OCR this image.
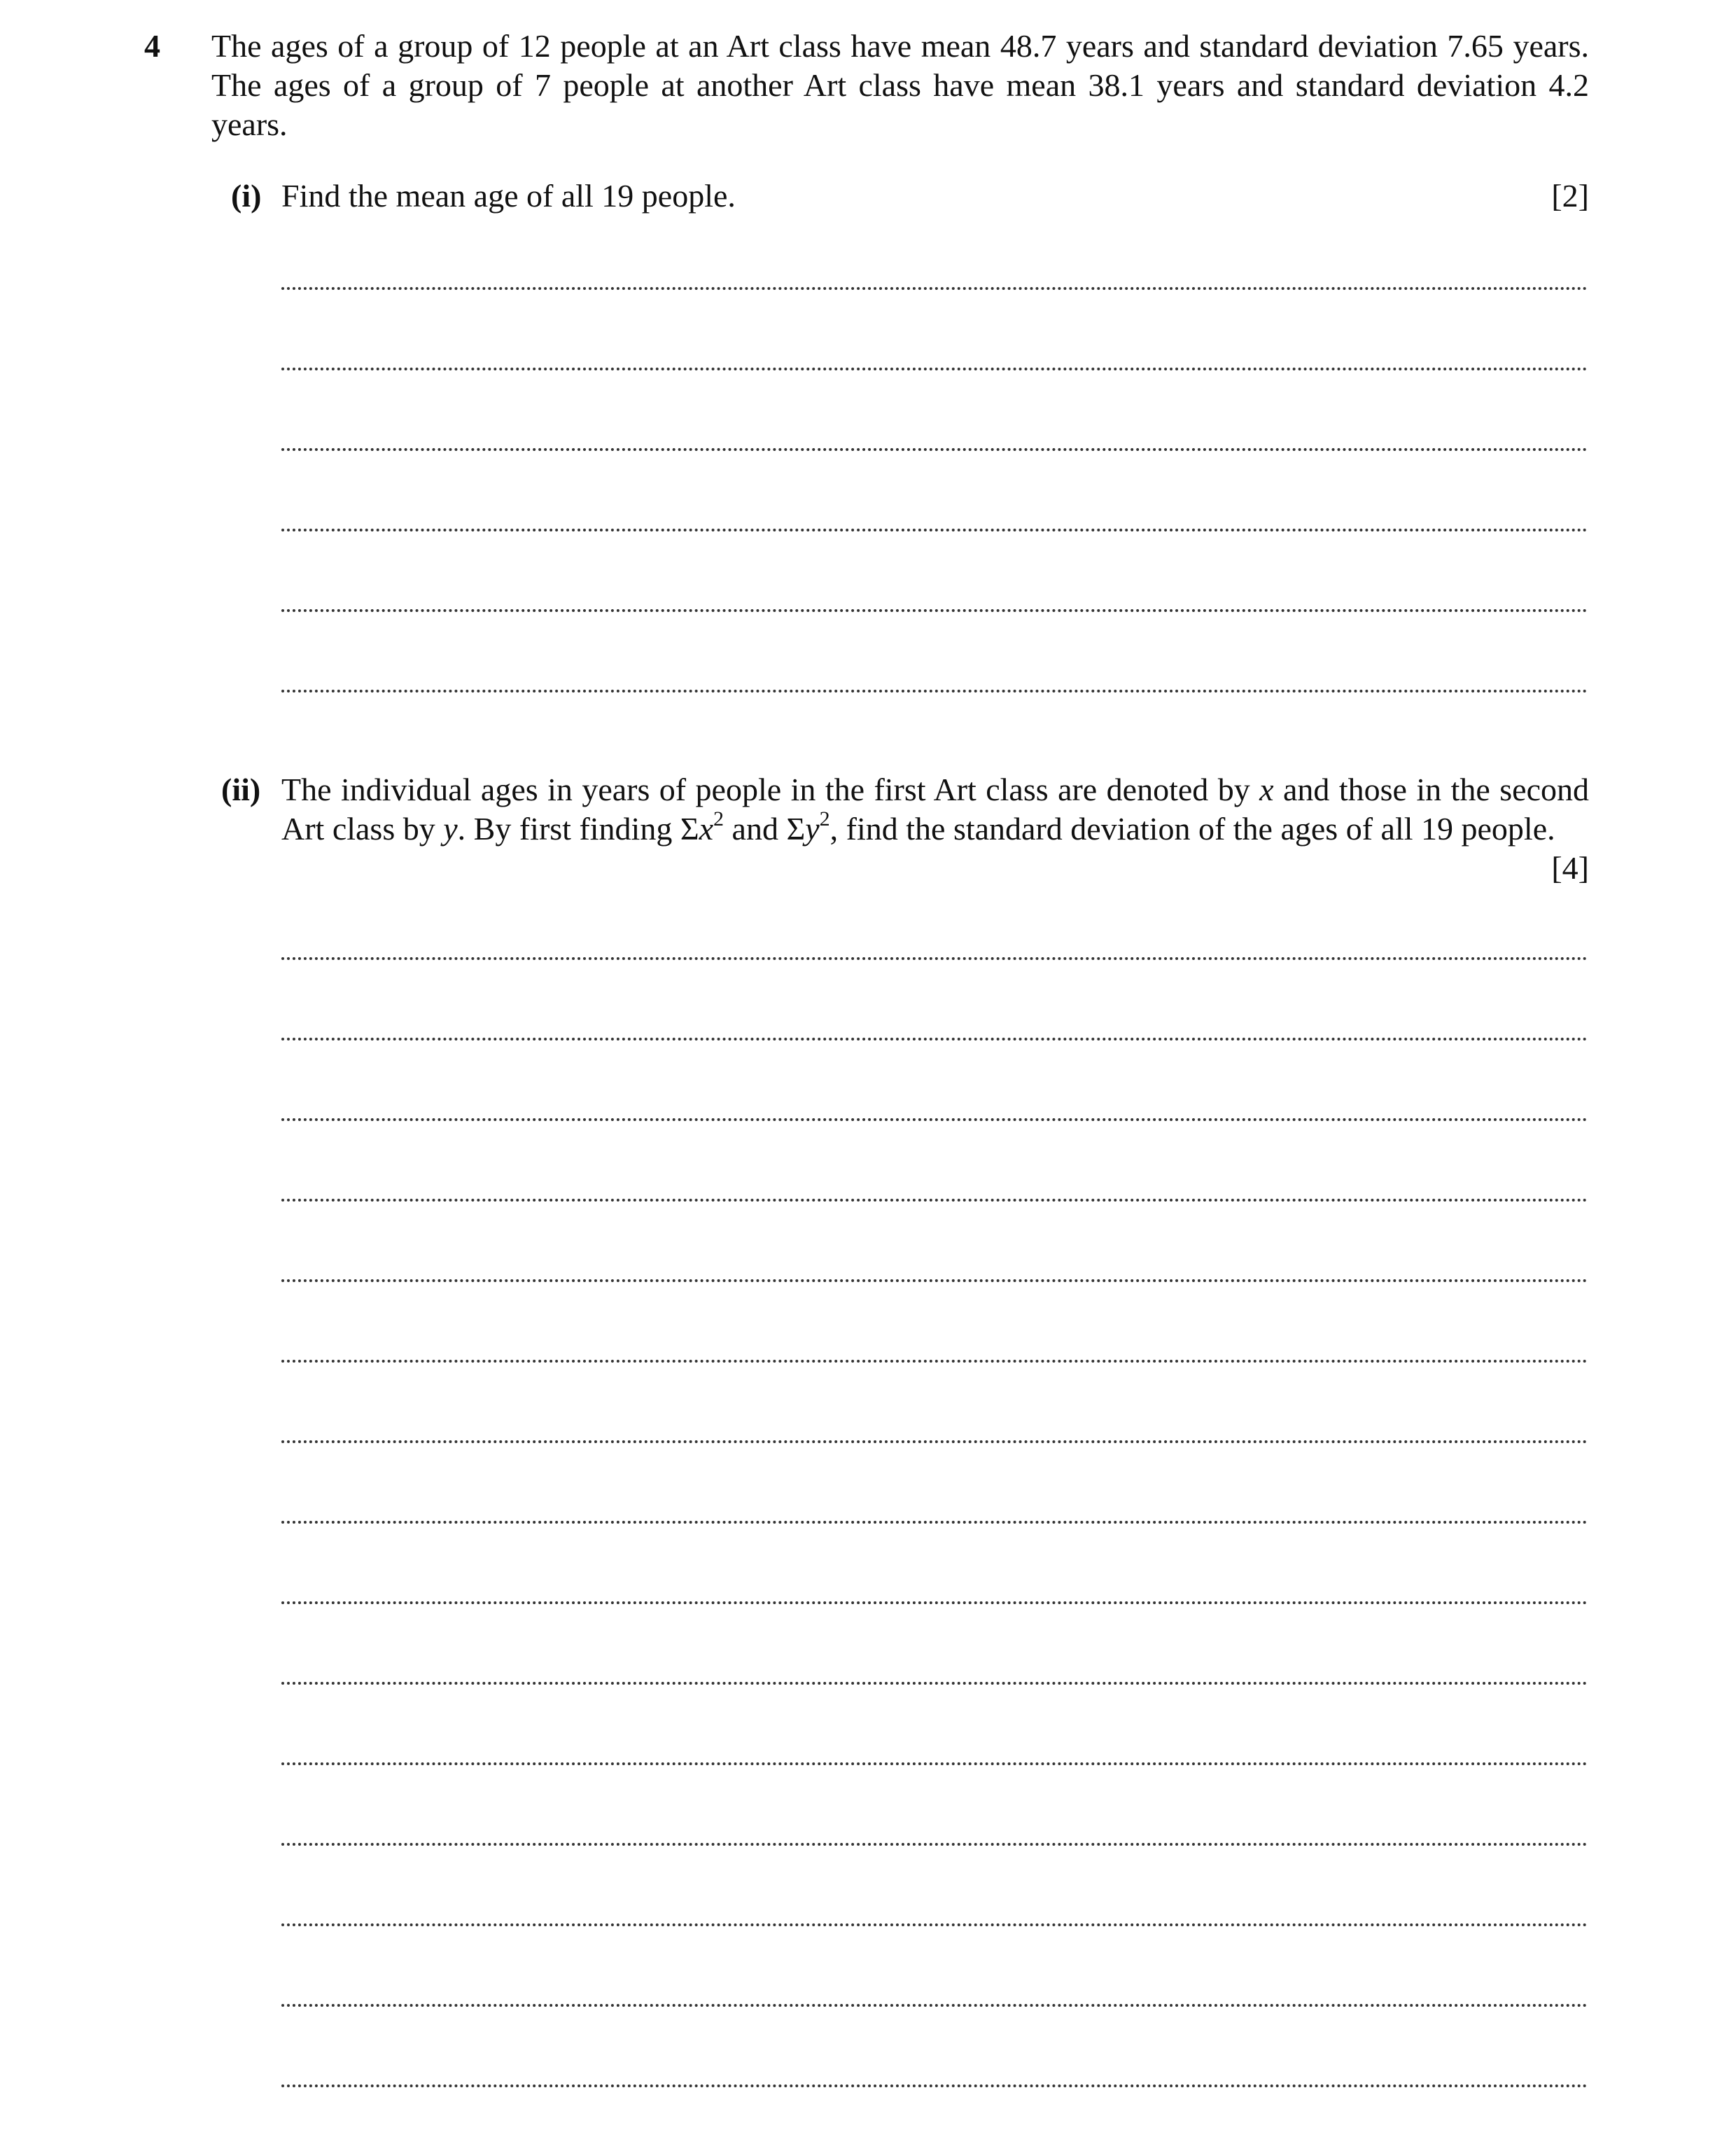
4 The ages of a group of 12 people at an Art class have mean 48.7 years and standard deviation 7.65 years. The ages of a group of 7 people at another Art class have mean 38.1 years and standard deviation 4.2 years.
(i) Find the mean age of all 19 people.	[2]
(ii) The individual ages in years of people in the first Art class are denoted by x and those in the second Art class by y. By first finding $\Sigma x^2$ and $\Sigma y^2$, find the standard deviation of the ages of all 19 people.
[4]
